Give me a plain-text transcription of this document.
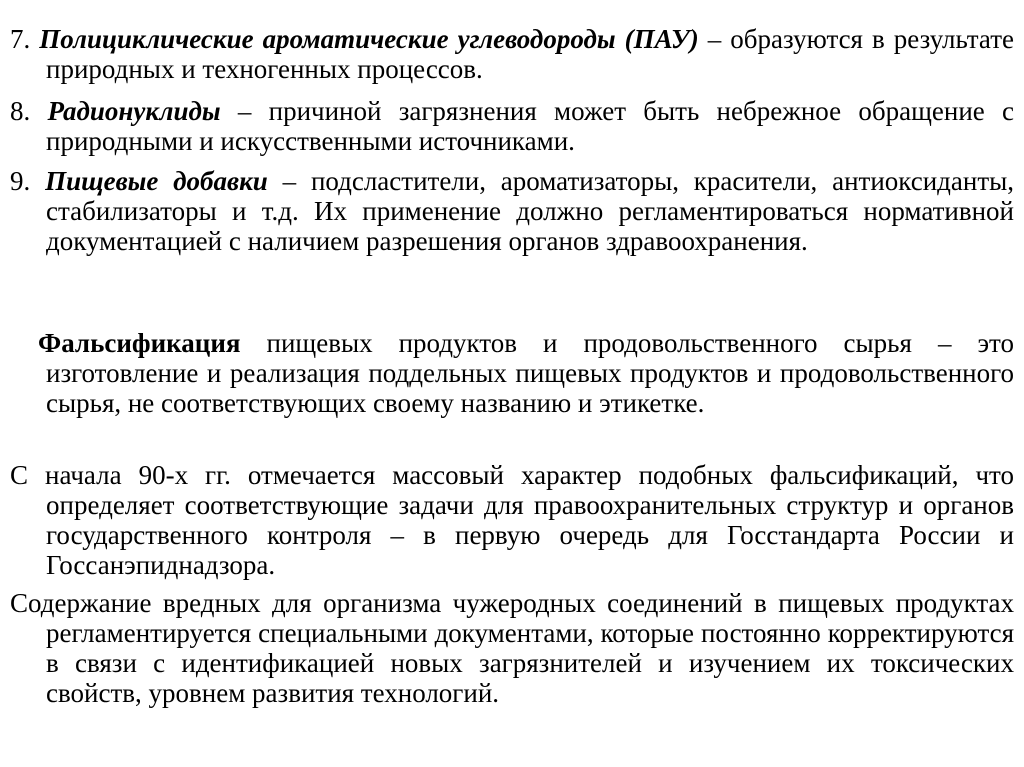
7. Полициклические ароматические углеводороды (ПАУ) – образуются в результате природных и техногенных процессов.
8. Радионуклиды – причиной загрязнения может быть небрежное обращение с природными и искусственными источниками.
9. Пищевые добавки – подсластители, ароматизаторы, красители, антиоксиданты, стабилизаторы и т.д. Их применение должно регламентироваться нормативной документацией с наличием разрешения органов здравоохранения.
Фальсификация пищевых продуктов и продовольственного сырья – это изготовление и реализация поддельных пищевых продуктов и продовольственного сырья, не соответствующих своему названию и этикетке.
С начала 90-х гг. отмечается массовый характер подобных фальсификаций, что определяет соответствующие задачи для правоохранительных структур и органов государственного контроля – в первую очередь для Госстандарта России и Госсанэпиднадзора.
Содержание вредных для организма чужеродных соединений в пищевых продуктах регламентируется специальными документами, которые постоянно корректируются в связи с идентификацией новых загрязнителей и изучением их токсических свойств, уровнем развития технологий.
